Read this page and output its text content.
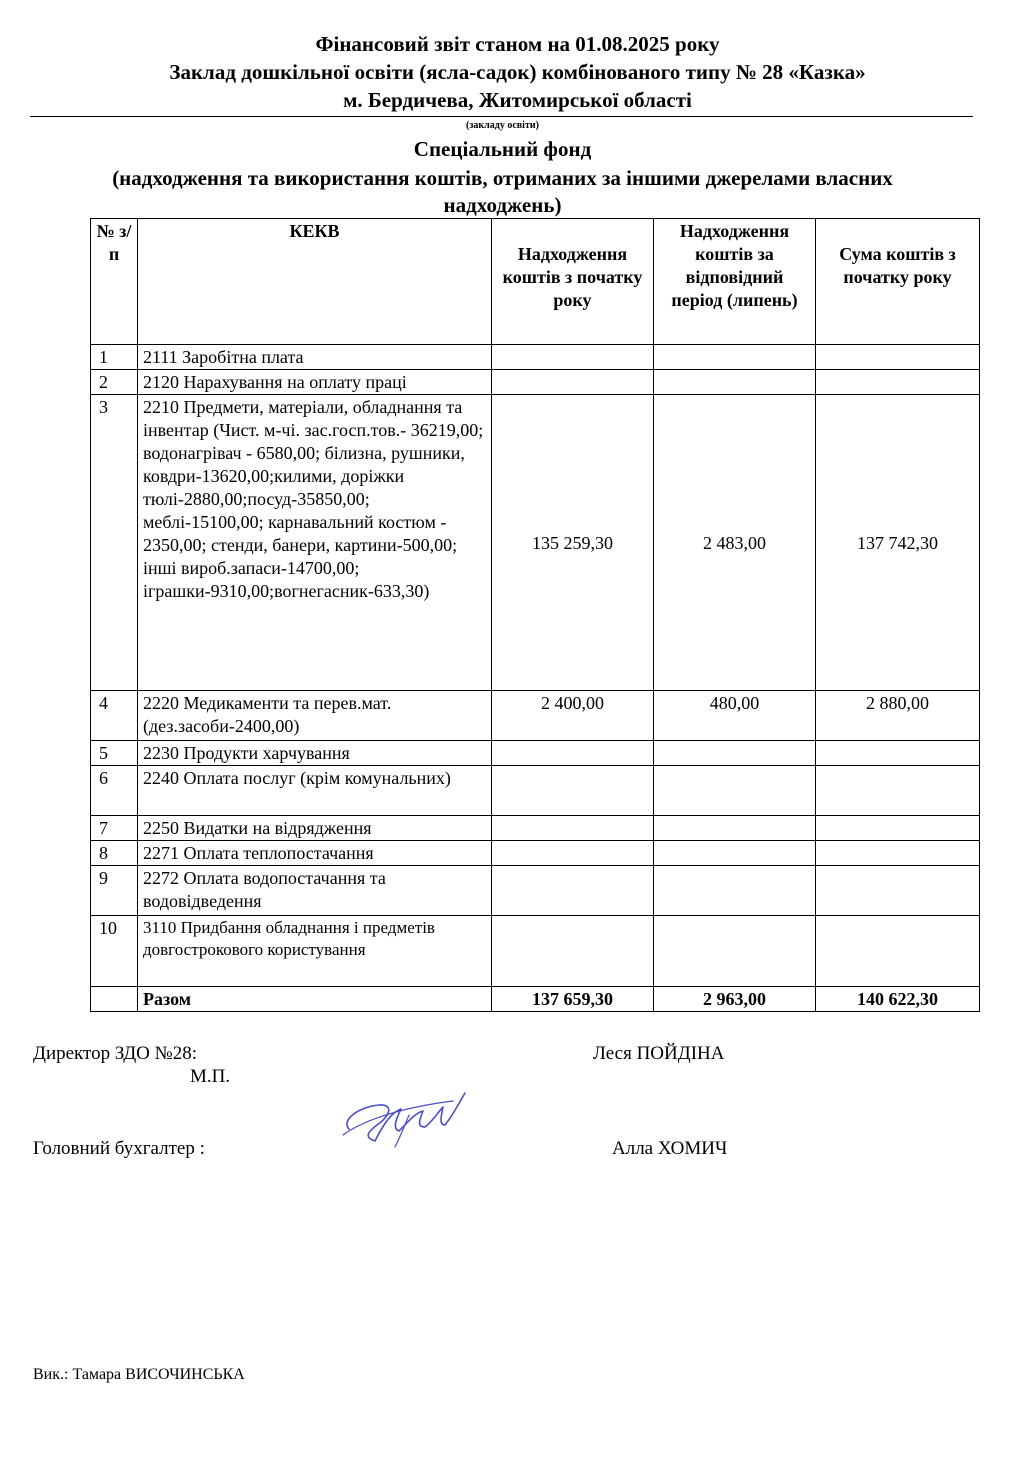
Фінансовий звіт станом на 01.08.2025 року
Заклад дошкільної освіти (ясла-садок) комбінованого типу № 28 «Казка»
м. Бердичева, Житомирської області
(закладу освіти)
Спеціальний фонд
(надходження та використання коштів, отриманих за іншими джерелами власних
надходжень)
№ з/п	КЕКВ	Надходження коштів з початку року	Надходження коштів за відповідний період (липень)	Сума коштів з початку року
1	2111 Заробітна плата			
2	2120 Нарахування на оплату праці			
3	2210 Предмети, матеріали, обладнання та інвентар (Чист. м-чі. зас.госп.тов.- 36219,00; водонагрівач - 6580,00; білизна, рушники, ковдри-13620,00;килими, доріжки тюлі-2880,00;посуд-35850,00; меблі-15100,00; карнавальний костюм - 2350,00; стенди, банери, картини-500,00; інші вироб.запаси-14700,00; іграшки-9310,00;вогнегасник-633,30)	135 259,30	2 483,00	137 742,30
4	2220 Медикаменти та перев.мат.(дез.засоби-2400,00)	2 400,00	480,00	2 880,00
5	2230 Продукти харчування			
6	2240 Оплата послуг (крім комунальних)			
7	2250 Видатки на відрядження			
8	2271 Оплата теплопостачання			
9	2272 Оплата водопостачання та водовідведення			
10	3110 Придбання обладнання і предметів довгострокового користування			
	Разом	137 659,30	2 963,00	140 622,30
Директор ЗДО №28:	Леся ПОЙДІНА
М.П.
Головний бухгалтер :	Алла ХОМИЧ
Вик.: Тамара ВИСОЧИНСЬКА
